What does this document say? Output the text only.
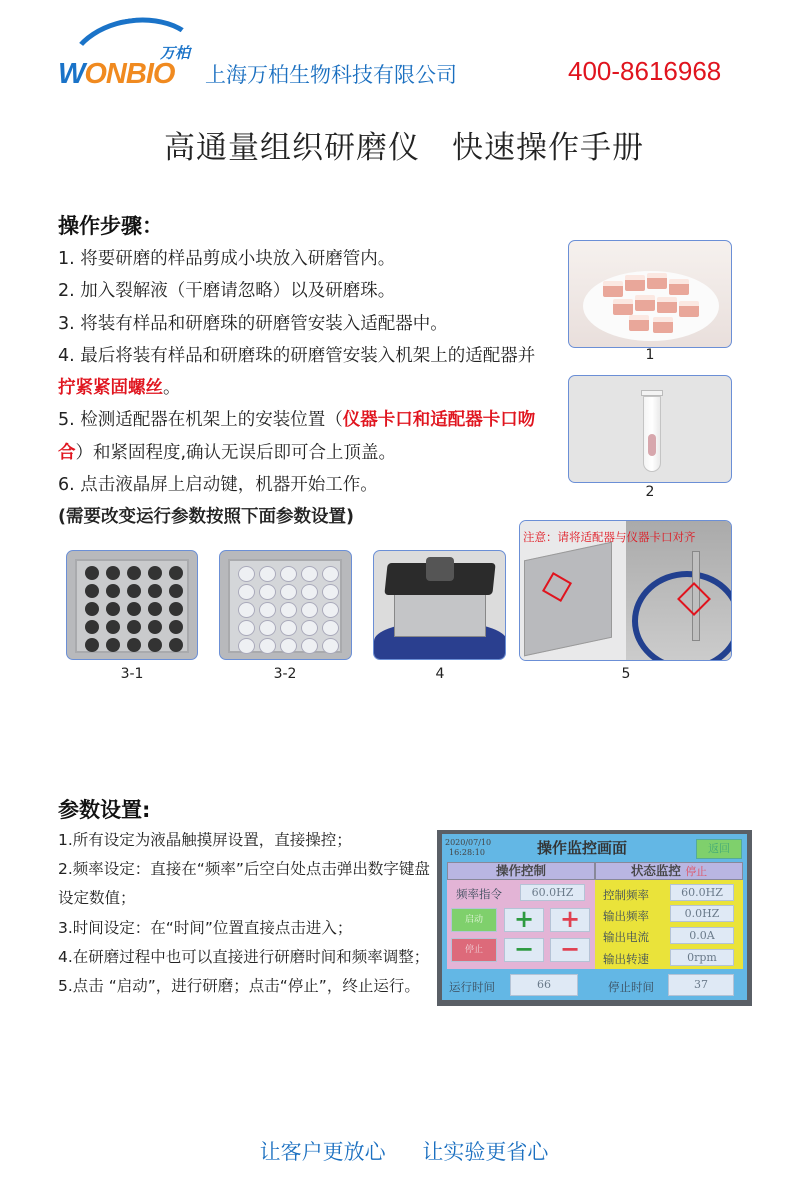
万柏
WONBIO 上海万柏生物科技有限公司	400-8616968
高通量组织研磨仪　快速操作手册
操作步骤：
1. 将要研磨的样品剪成小块放入研磨管内。
2. 加入裂解液（干磨请忽略）以及研磨珠。
3. 将装有样品和研磨珠的研磨管安装入适配器中。
4. 最后将装有样品和研磨珠的研磨管安装入机架上的适配器并拧紧紧固螺丝。
5. 检测适配器在机架上的安装位置（仪器卡口和适配器卡口吻合）和紧固程度,确认无误后即可合上顶盖。
6. 点击液晶屏上启动键，机器开始工作。
(需要改变运行参数按照下面参数设置)
1
2
3-1	3-2	4
注意：请将适配器与仪器卡口对齐
5
参数设置:
1.所有设定为液晶触摸屏设置，直接操控；
2.频率设定：直接在“频率”后空白处点击弹出数字键盘设定数值；
3.时间设定：在“时间”位置直接点击进入；
4.在研磨过程中也可以直接进行研磨时间和频率调整；
5.点击 “启动”，进行研磨；点击“停止”，终止运行。
2020/07/10
16:28:10	操作监控画面	返回
操作控制	状态监控 停止
频率指令	60.0HZ
启动
停止
+	+
−	−
控制频率	60.0HZ
输出频率	0.0HZ
输出电流	0.0A
输出转速	0rpm
运行时间	66	停止时间	37
让客户更放心 让实验更省心
